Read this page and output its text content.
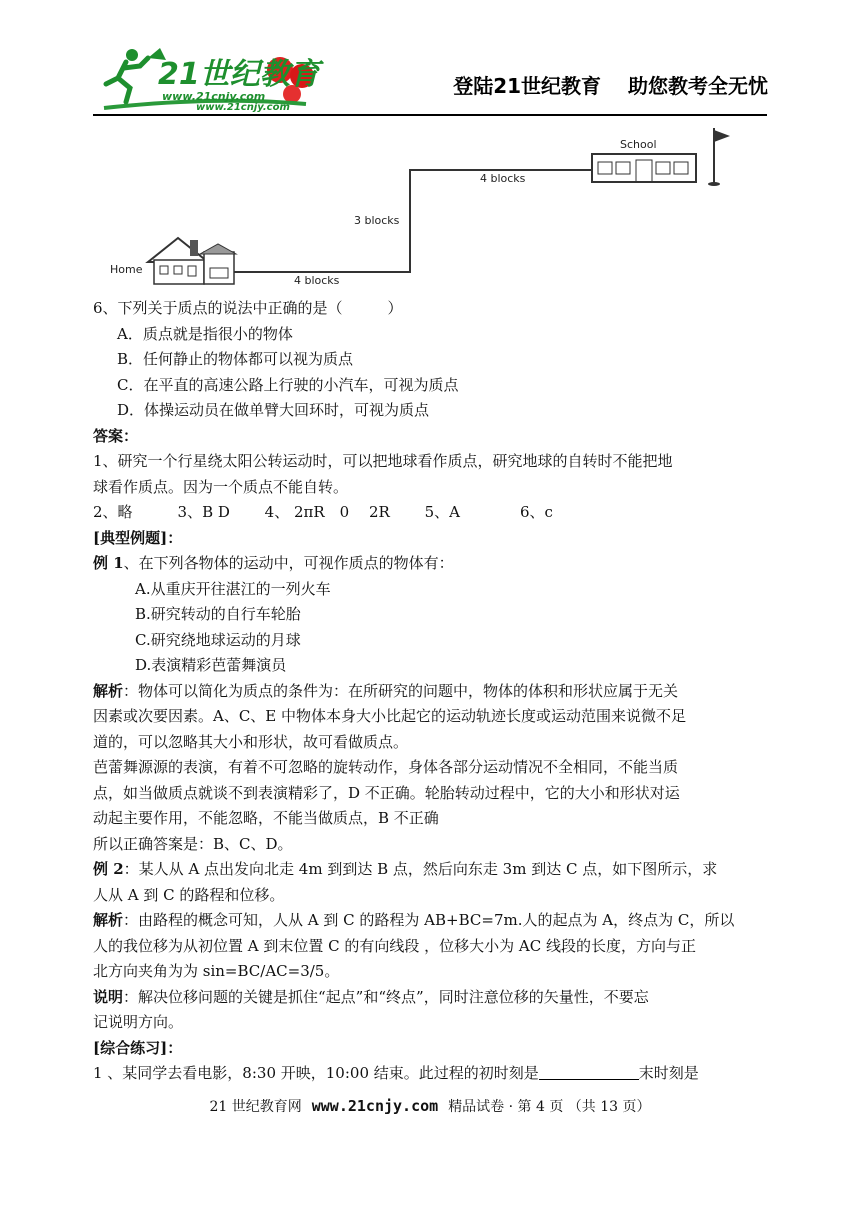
21世纪教育
www.21cnjy.com
www.21cnjy.com
登陆21世纪教育 助您教考全无忧
Home
School
4 blocks
3 blocks
4 blocks

6、下列关于质点的说法中正确的是（　　　）

A．质点就是指很小的物体

B．任何静止的物体都可以视为质点

C．在平直的高速公路上行驶的小汽车，可视为质点

D．体操运动员在做单臂大回环时，可视为质点

答案：

1、研究一个行星绕太阳公转运动时，可以把地球看作质点，研究地球的自转时不能把地

球看作质点。因为一个质点不能自转。

2、略　　　3、B D　　 4、 2πR　0　 2R　　 5、A　　　　6、c

[典型例题]：

例 1、在下列各物体的运动中，可视作质点的物体有：

A.从重庆开往湛江的一列火车

B.研究转动的自行车轮胎

C.研究绕地球运动的月球

D.表演精彩芭蕾舞演员

解析：物体可以简化为质点的条件为：在所研究的问题中，物体的体积和形状应属于无关

因素或次要因素。A、C、E 中物体本身大小比起它的运动轨迹长度或运动范围来说微不足

道的，可以忽略其大小和形状，故可看做质点。

芭蕾舞源源的表演，有着不可忽略的旋转动作，身体各部分运动情况不全相同，不能当质

点，如当做质点就谈不到表演精彩了，D 不正确。轮胎转动过程中，它的大小和形状对运

动起主要作用，不能忽略，不能当做质点，B 不正确

所以正确答案是：B、C、D。

例 2：某人从 A 点出发向北走 4m 到到达 B 点，然后向东走 3m 到达 C 点，如下图所示，求

人从 A 到 C 的路程和位移。

解析：由路程的概念可知，人从 A 到 C 的路程为 AB+BC=7m.人的起点为 A，终点为 C，所以

人的我位移为从初位置 A 到末位置 C 的有向线段 ，位移大小为 AC 线段的长度，方向与正

北方向夹角为为 sin=BC/AC=3/5。

说明：解决位移问题的关键是抓住“起点”和“终点”，同时注意位移的矢量性，不要忘

记说明方向。

[综合练习]：

1 、某同学去看电影，8:30 开映，10:00 结束。此过程的初时刻是	末时刻是

21 世纪教育网 www.21cnjy.com 精品试卷 · 第 4 页 （共 13 页）
